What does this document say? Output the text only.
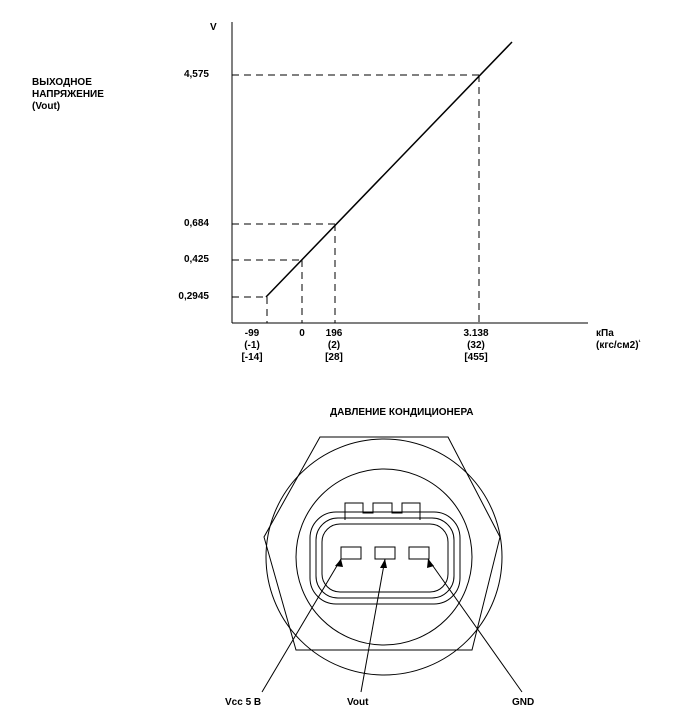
V
ВЫХОДНОЕ
НАПРЯЖЕНИЕ
(Vout)
4,575
0,684
0,425
0,2945
-99
(-1)
[-14]
0	196
(2)
[28]
3.138
(32)
[455]
кПа
$(кгс/см2)^{^1}$
ДАВЛЕНИЕ КОНДИЦИОНЕРА
Vcc 5 В	Vout	GND
